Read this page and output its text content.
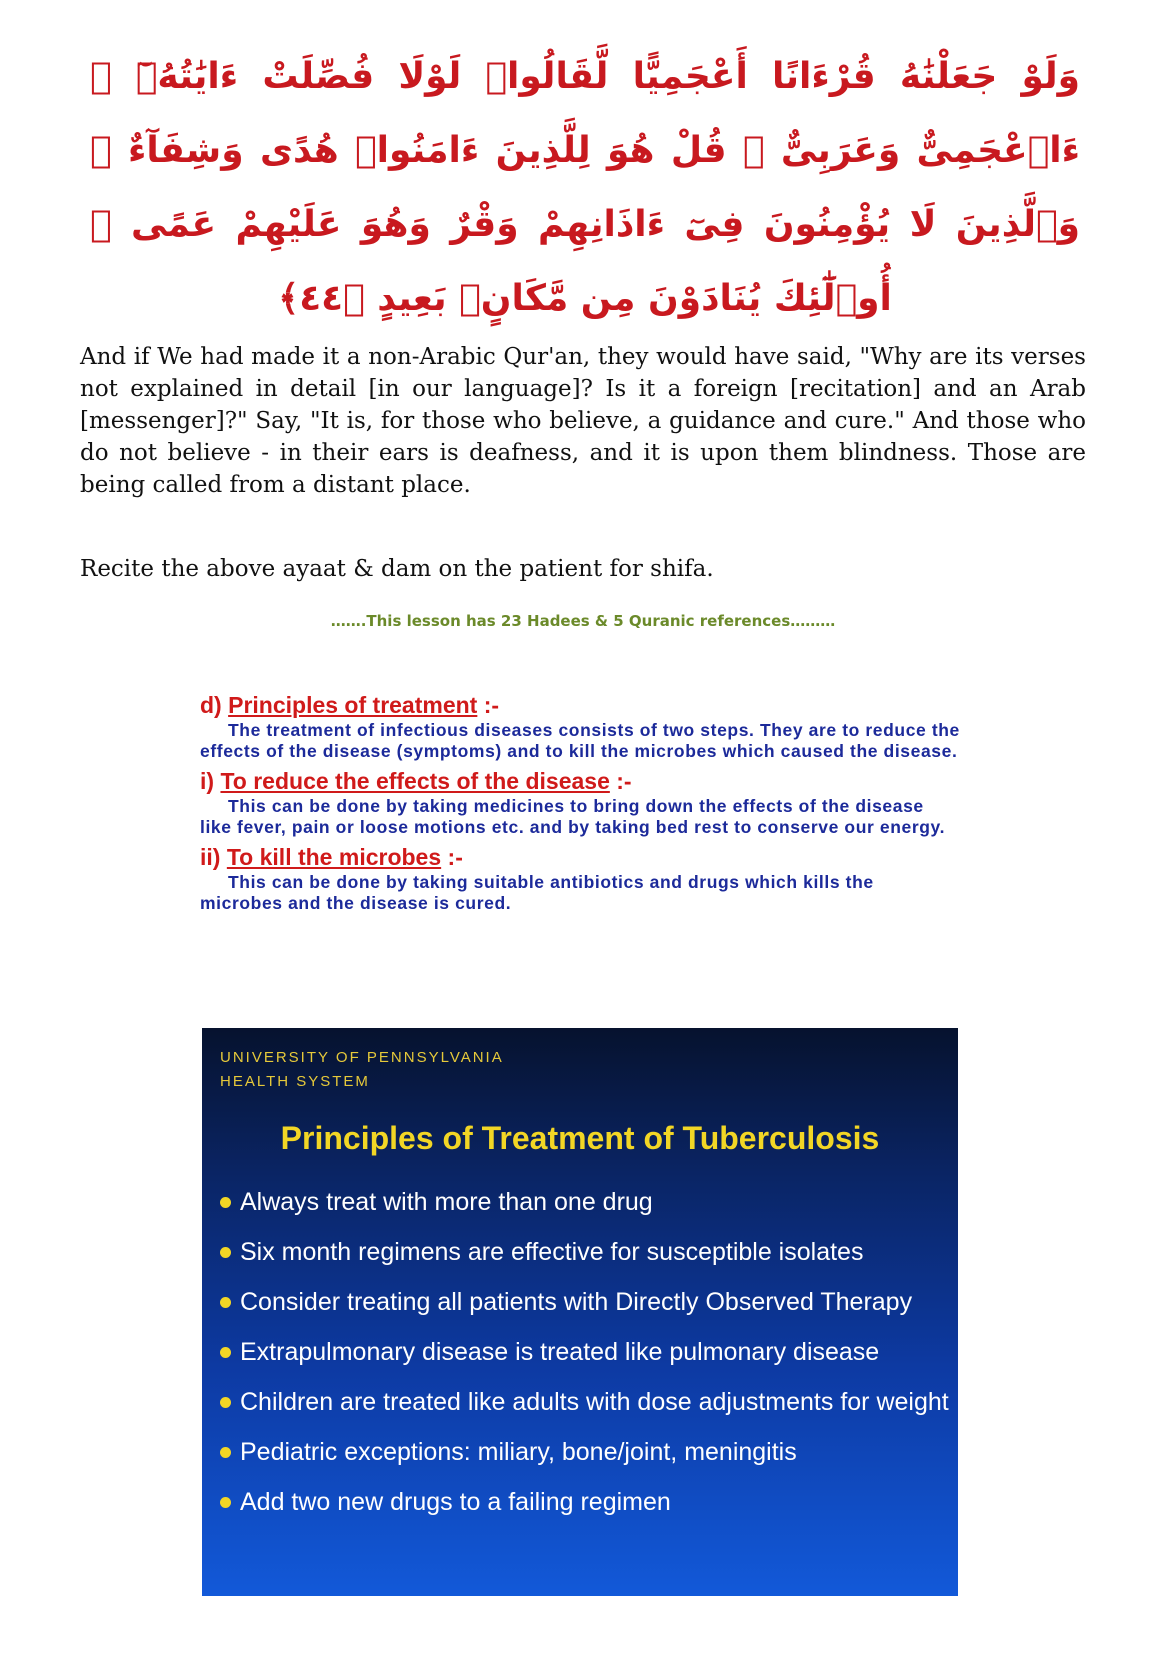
وَلَوْ جَعَلْنَٰهُ قُرْءَانًا أَعْجَمِيًّا لَّقَالُوا۟ لَوْلَا فُصِّلَتْ ءَايَٰتُهُۥٓ ۖ ءَا۬عْجَمِىٌّ وَعَرَبِىٌّ ۗ قُلْ هُوَ لِلَّذِينَ ءَامَنُوا۟ هُدًى وَشِفَآءٌ ۖ وَٱلَّذِينَ لَا يُؤْمِنُونَ فِىٓ ءَاذَانِهِمْ وَقْرٌ وَهُوَ عَلَيْهِمْ عَمًى ۚ أُو۟لَٰٓئِكَ يُنَادَوْنَ مِن مَّكَانٍۭ بَعِيدٍ ﴿٤٤﴾

And if We had made it a non-Arabic Qur'an, they would have said, "Why are its verses not explained in detail [in our language]? Is it a foreign [recitation] and an Arab [messenger]?" Say, "It is, for those who believe, a guidance and cure." And those who do not believe - in their ears is deafness, and it is upon them blindness. Those are being called from a distant place.

Recite the above ayaat & dam on the patient for shifa.

…….This lesson has 23 Hadees & 5 Quranic references………

d) Principles of treatment :-

The treatment of infectious diseases consists of two steps. They are to reduce the effects of the disease (symptoms) and to kill the microbes which caused the disease.

i) To reduce the effects of the disease :-

This can be done by taking medicines to bring down the effects of the disease like fever, pain or loose motions etc. and by taking bed rest to conserve our energy.

ii) To kill the microbes :-

This can be done by taking suitable antibiotics and drugs which kills the microbes and the disease is cured.

UNIVERSITY OF PENNSYLVANIA
HEALTH SYSTEM
Principles of Treatment of Tuberculosis
Always treat with more than one drug
Six month regimens are effective for susceptible isolates
Consider treating all patients with Directly Observed Therapy
Extrapulmonary disease is treated like pulmonary disease
Children are treated like adults with dose adjustments for weight
Pediatric exceptions: miliary, bone/joint, meningitis
Add two new drugs to a failing regimen
